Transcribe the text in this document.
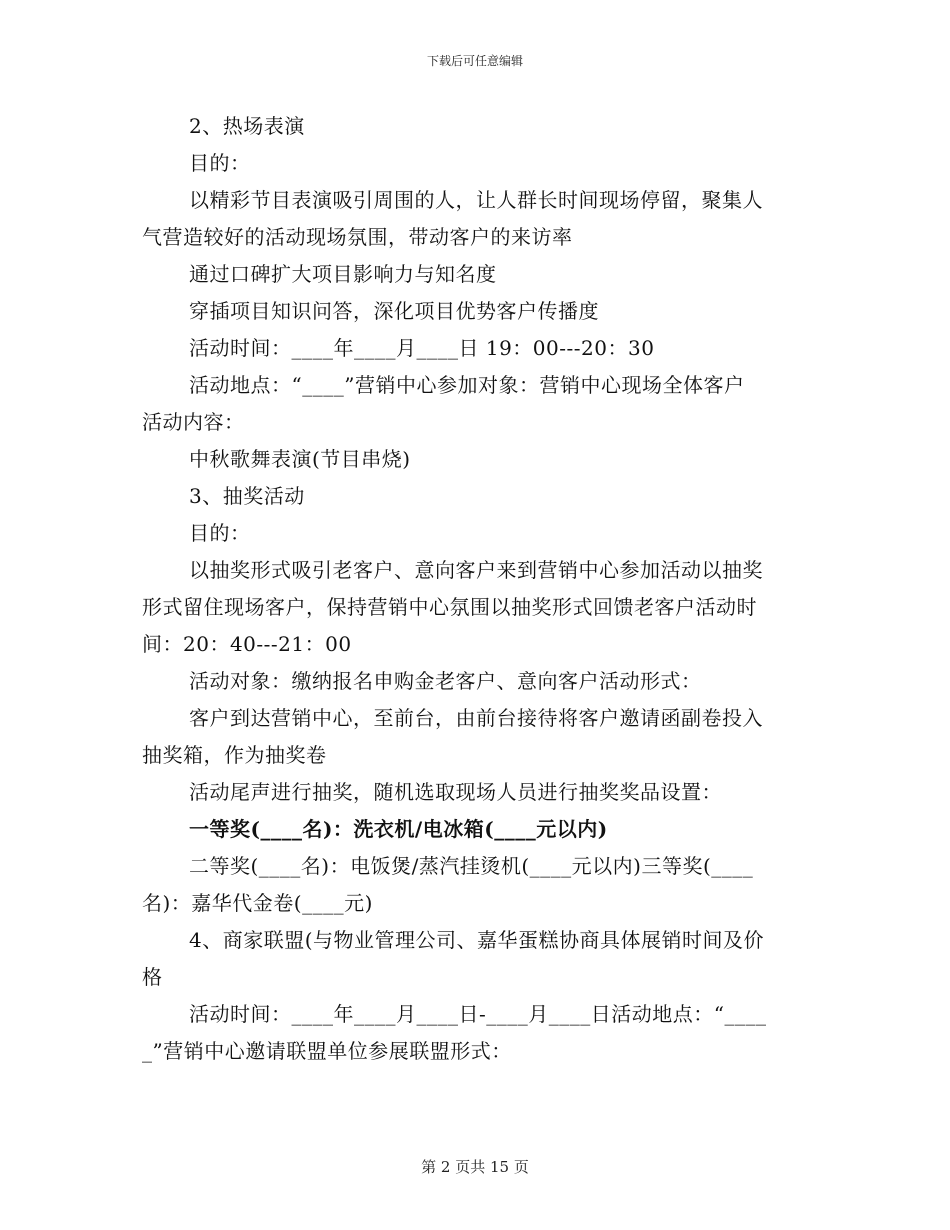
下载后可任意编辑
2、热场表演
目的：
以精彩节目表演吸引周围的人，让人群长时间现场停留，聚集人
气营造较好的活动现场氛围，带动客户的来访率
通过口碑扩大项目影响力与知名度
穿插项目知识问答，深化项目优势客户传播度
活动时间：____年____月____日 19：00---20：30
活动地点：“____”营销中心参加对象：营销中心现场全体客户
活动内容：
中秋歌舞表演(节目串烧)
3、抽奖活动
目的：
以抽奖形式吸引老客户、意向客户来到营销中心参加活动以抽奖
形式留住现场客户，保持营销中心氛围以抽奖形式回馈老客户活动时
间：20：40---21：00
活动对象：缴纳报名申购金老客户、意向客户活动形式：
客户到达营销中心，至前台，由前台接待将客户邀请函副卷投入
抽奖箱，作为抽奖卷
活动尾声进行抽奖，随机选取现场人员进行抽奖奖品设置：
一等奖(____名)：洗衣机/电冰箱(____元以内)
二等奖(____名)：电饭煲/蒸汽挂烫机(____元以内)三等奖(____
名)：嘉华代金卷(____元)
4、商家联盟(与物业管理公司、嘉华蛋糕协商具体展销时间及价
格
活动时间：____年____月____日-____月____日活动地点：“____
_”营销中心邀请联盟单位参展联盟形式：
第 2 页共 15 页
